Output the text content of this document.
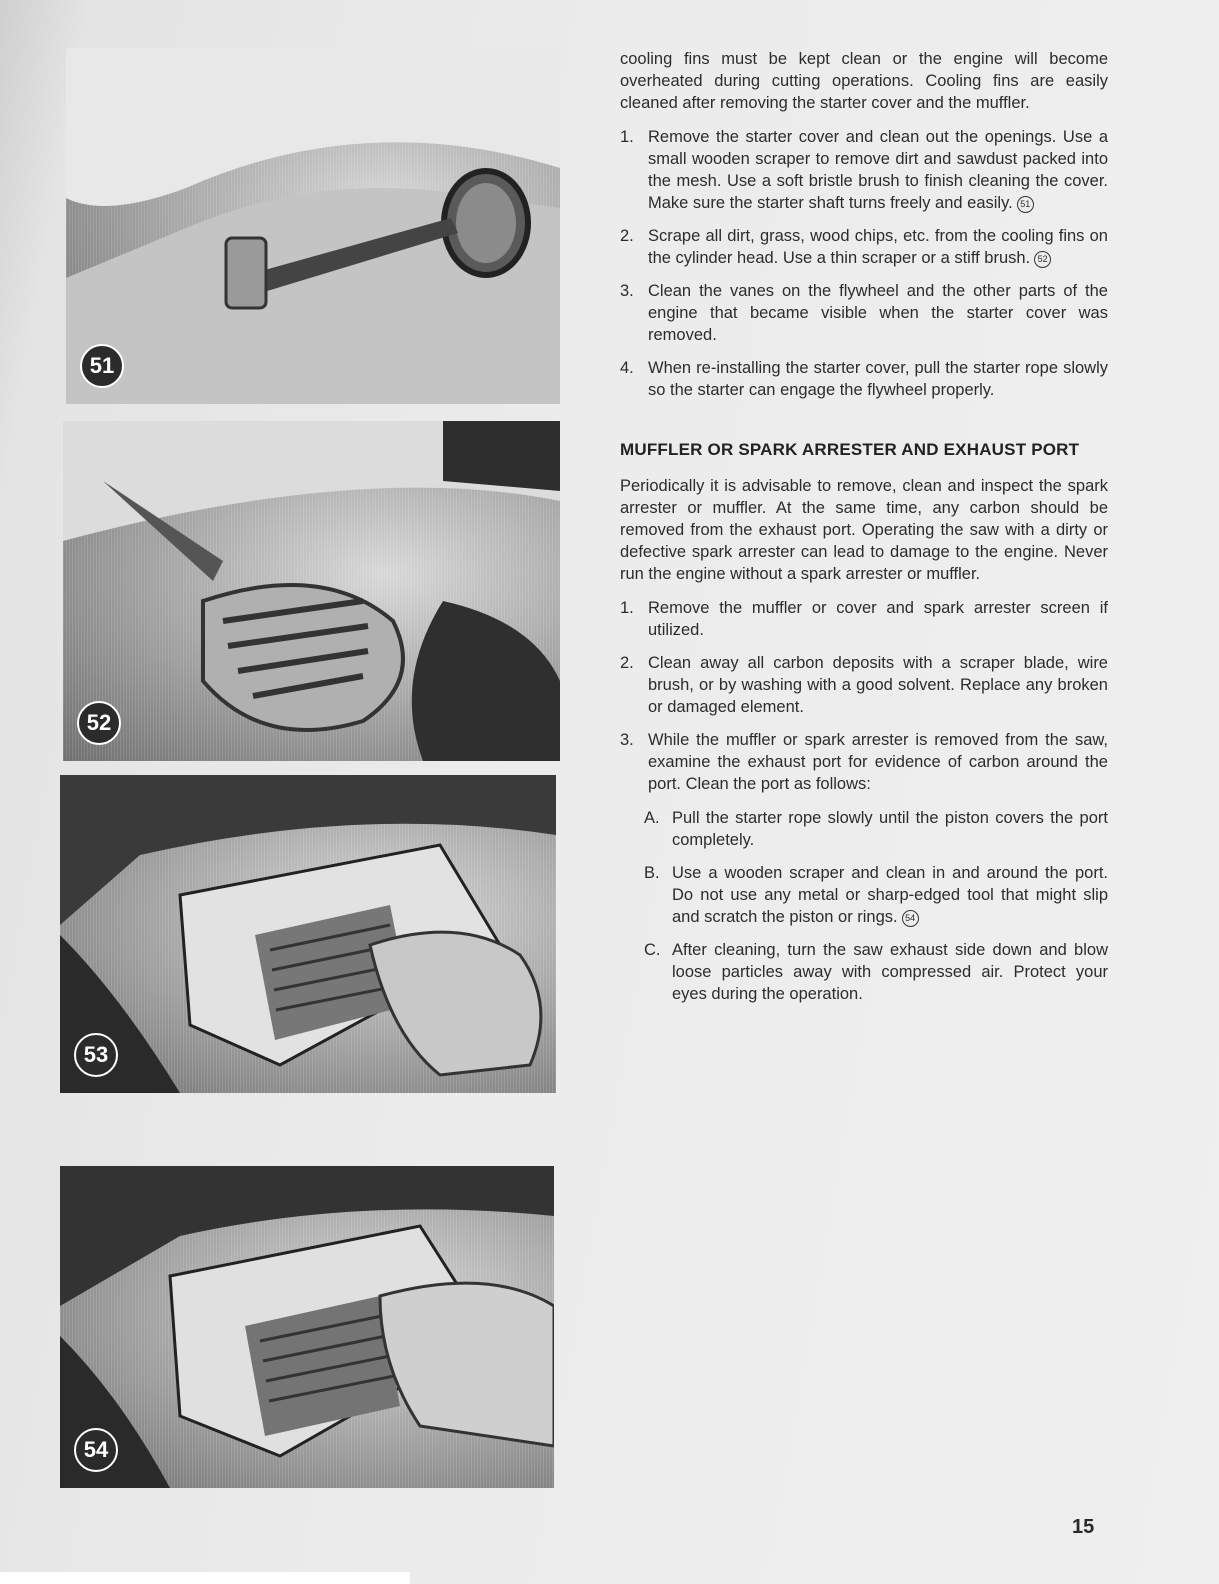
51
52
53
54

cooling fins must be kept clean or the engine will become overheated during cutting operations. Cooling fins are easily cleaned after removing the starter cover and the muffler.

1. Remove the starter cover and clean out the openings. Use a small wooden scraper to remove dirt and sawdust packed into the mesh. Use a soft bristle brush to finish cleaning the cover. Make sure the starter shaft turns freely and easily. 51
2. Scrape all dirt, grass, wood chips, etc. from the cooling fins on the cylinder head. Use a thin scraper or a stiff brush. 52
3. Clean the vanes on the flywheel and the other parts of the engine that became visible when the starter cover was removed.
4. When re-installing the starter cover, pull the starter rope slowly so the starter can engage the flywheel properly.
MUFFLER OR SPARK ARRESTER AND EXHAUST PORT

Periodically it is advisable to remove, clean and inspect the spark arrester or muffler. At the same time, any carbon should be removed from the exhaust port. Operating the saw with a dirty or defective spark arrester can lead to damage to the engine. Never run the engine without a spark arrester or muffler.

1. Remove the muffler or cover and spark arrester screen if utilized.
2. Clean away all carbon deposits with a scraper blade, wire brush, or by washing with a good solvent. Replace any broken or damaged element.
3. While the muffler or spark arrester is removed from the saw, examine the exhaust port for evidence of carbon around the port. Clean the port as follows:
A. Pull the starter rope slowly until the piston covers the port completely.
B. Use a wooden scraper and clean in and around the port. Do not use any metal or sharp-edged tool that might slip and scratch the piston or rings. 54
C. After cleaning, turn the saw exhaust side down and blow loose particles away with compressed air. Protect your eyes during the operation.
15
